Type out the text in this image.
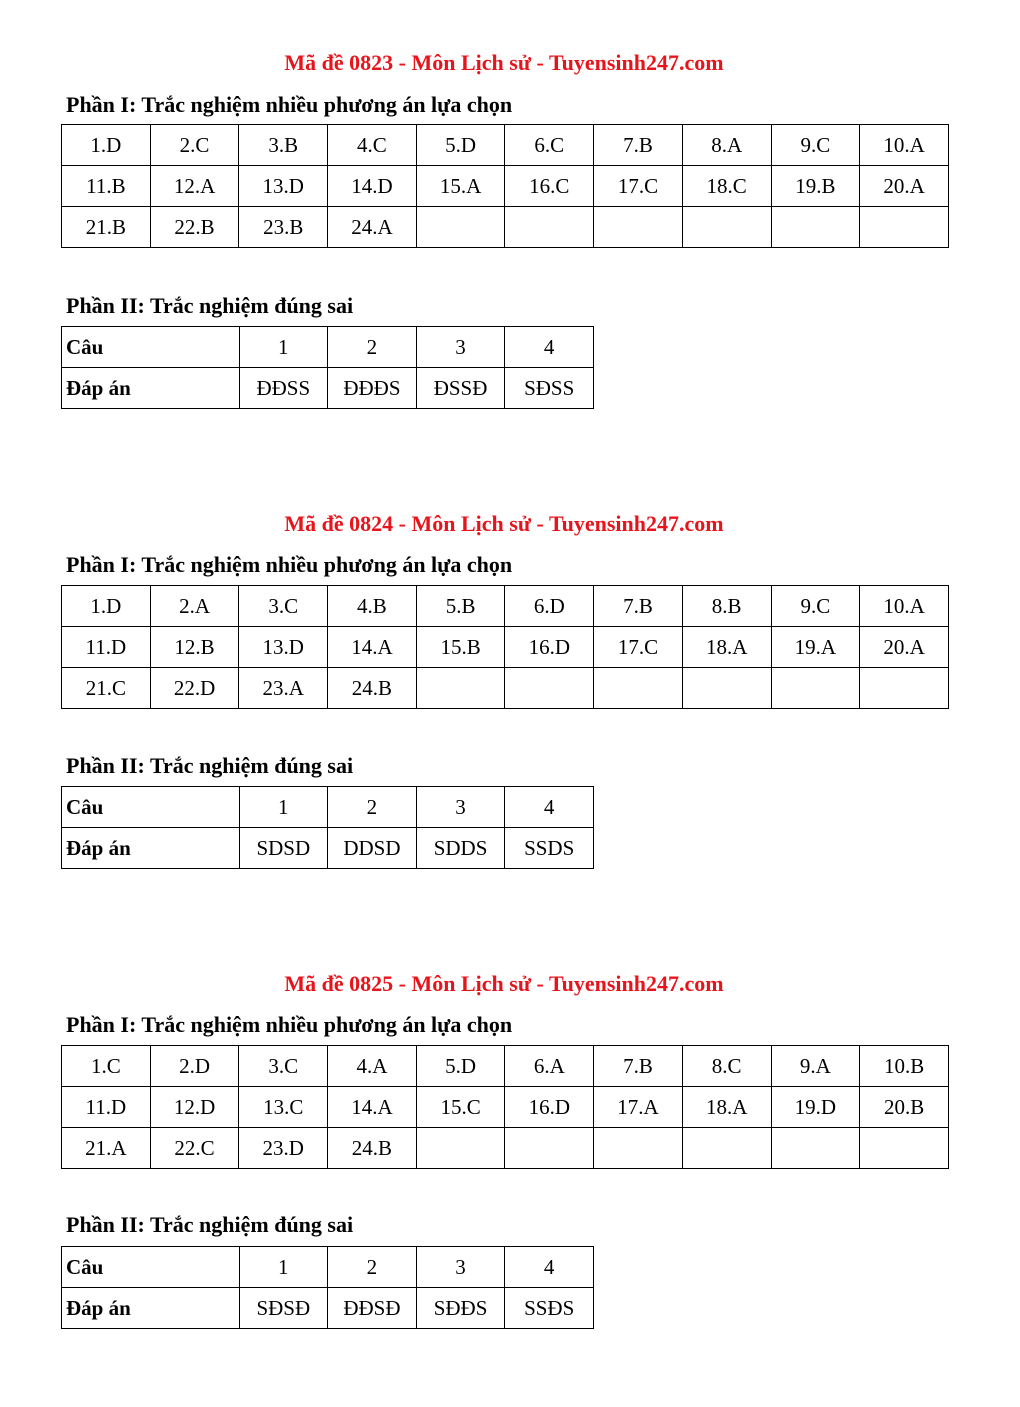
Mã đề 0823 - Môn Lịch sử - Tuyensinh247.com
Phần I: Trắc nghiệm nhiều phương án lựa chọn
1.D	2.C	3.B	4.C	5.D	6.C	7.B	8.A	9.C	10.A
11.B	12.A	13.D	14.D	15.A	16.C	17.C	18.C	19.B	20.A
21.B	22.B	23.B	24.A						
Phần II: Trắc nghiệm đúng sai
Câu	1	2	3	4
Đáp án	ĐĐSS	ĐĐĐS	ĐSSĐ	SĐSS
Mã đề 0824 - Môn Lịch sử - Tuyensinh247.com
Phần I: Trắc nghiệm nhiều phương án lựa chọn
1.D	2.A	3.C	4.B	5.B	6.D	7.B	8.B	9.C	10.A
11.D	12.B	13.D	14.A	15.B	16.D	17.C	18.A	19.A	20.A
21.C	22.D	23.A	24.B						
Phần II: Trắc nghiệm đúng sai
Câu	1	2	3	4
Đáp án	SDSD	DDSD	SDDS	SSDS
Mã đề 0825 - Môn Lịch sử - Tuyensinh247.com
Phần I: Trắc nghiệm nhiều phương án lựa chọn
1.C	2.D	3.C	4.A	5.D	6.A	7.B	8.C	9.A	10.B
11.D	12.D	13.C	14.A	15.C	16.D	17.A	18.A	19.D	20.B
21.A	22.C	23.D	24.B						
Phần II: Trắc nghiệm đúng sai
Câu	1	2	3	4
Đáp án	SĐSĐ	ĐĐSĐ	SĐĐS	SSĐS
